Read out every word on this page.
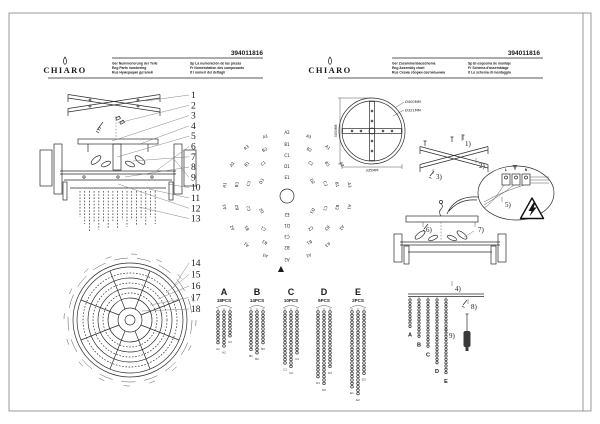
CHIARO
394011816
Ger Nummerierung der Teile
Eng Parts numbering
Rus Нумерация деталей
Sp La numeración de las piezas
Fr Numérotation des composants
It I numeri dei dettagli	CHIARO
394011816
Ger Zusammenbauschema
Eng Assembly chart
Rus Схема сборки светильника
Sp El esquema de montaje
Fr Schéma d'assemblage
It Lo schema di montaggio
300MM
335MM
Ø400MM
Ø321MM
1
2
3
4
5
6
7
8
9
10
11
12
13
14
15
16
17
18
A2
A3
A1
A2
A3
A1
A2
A3
A1
A2
A3
A1
A2
A3
A1
A2
A3
A1
B1
B2
B3
B1
B2
B3
B1
B2
B3
B1
B2
B3
B1
B2
C1
C2
C3
C1
C2
C3
C1
C2
C3
C1	D1
D2
D3
D1
D2
D3
E1
E2
▲
A
18PCS
A1
A2
A3
B
14PCS
B1
B2
B3
C
10PCS
C1
C2
C3
D
6PCS
D1
D2
D3
E
2PCS
E1
E2
E3
A
B
C
D
E
1)
2)
3)
4)
5)
6)	7)
8)
9)
L	N
